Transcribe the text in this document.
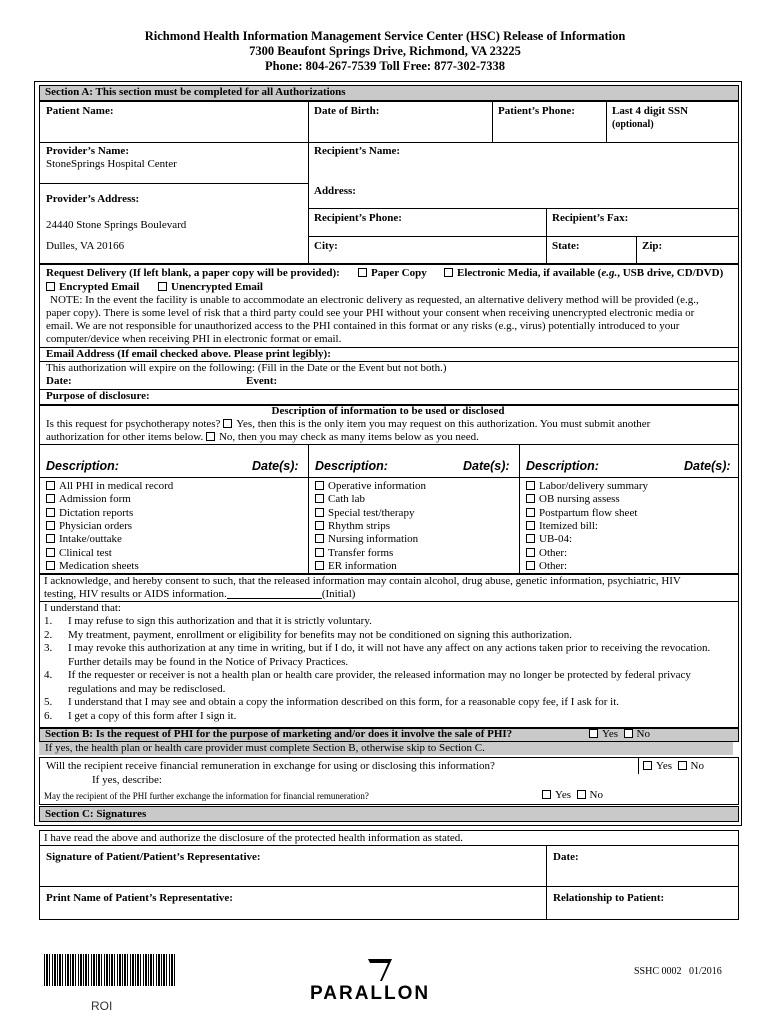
Richmond Health Information Management Service Center (HSC) Release of Information
7300 Beaufont Springs Drive, Richmond, VA 23225
Phone: 804-267-7539 Toll Free: 877-302-7338
Section A: This section must be completed for all Authorizations
Patient Name:	Date of Birth:	Patient’s Phone:	Last 4 digit SSN
(optional)
Provider’s Name:
StoneSprings Hospital Center
Recipient’s Name:
Provider’s Address:
24440 Stone Springs Boulevard
Dulles, VA 20166
Address:
Recipient’s Phone:	Recipient’s Fax:
City:	State:	Zip:
Request Delivery (If left blank, a paper copy will be provided):	Paper Copy	Electronic Media, if available (e.g., USB drive, CD/DVD)
Encrypted Email	Unencrypted Email
NOTE: In the event the facility is unable to accommodate an electronic delivery as requested, an alternative delivery method will be provided (e.g.,
paper copy). There is some level of risk that a third party could see your PHI without your consent when receiving unencrypted electronic media or
email. We are not responsible for unauthorized access to the PHI contained in this format or any risks (e.g., virus) potentially introduced to your
computer/device when receiving PHI in electronic format or email.
Email Address (If email checked above. Please print legibly):
This authorization will expire on the following: (Fill in the Date or the Event but not both.)
Date:	Event:
Purpose of disclosure:
Description of information to be used or disclosed
Is this request for psychotherapy notes? Yes, then this is the only item you may request on this authorization. You must submit another
authorization for other items below. No, then you may check as many items below as you need.
Description:	Date(s): Description:	Date(s): Description:	Date(s):
All PHI in medical record
Admission form
Dictation reports
Physician orders
Intake/outtake
Clinical test
Medication sheets
Operative information
Cath lab
Special test/therapy
Rhythm strips
Nursing information
Transfer forms
ER information
Labor/delivery summary
OB nursing assess
Postpartum flow sheet
Itemized bill:
UB-04:
Other:
Other:
I acknowledge, and hereby consent to such, that the released information may contain alcohol, drug abuse, genetic information, psychiatric, HIV
testing, HIV results or AIDS information.	(Initial)
I understand that:
1. I may refuse to sign this authorization and that it is strictly voluntary.
2. My treatment, payment, enrollment or eligibility for benefits may not be conditioned on signing this authorization.
3. I may revoke this authorization at any time in writing, but if I do, it will not have any affect on any actions taken prior to receiving the revocation.
Further details may be found in the Notice of Privacy Practices.
4. If the requester or receiver is not a health plan or health care provider, the released information may no longer be protected by federal privacy
regulations and may be redisclosed.
5. I understand that I may see and obtain a copy the information described on this form, for a reasonable copy fee, if I ask for it.
6. I get a copy of this form after I sign it.
Section B: Is the request of PHI for the purpose of marketing and/or does it involve the sale of PHI?	Yes No
If yes, the health plan or health care provider must complete Section B, otherwise skip to Section C.
Will the recipient receive financial remuneration in exchange for using or disclosing this information?	Yes No
If yes, describe:
May the recipient of the PHI further exchange the information for financial remuneration?	Yes No
Section C: Signatures
I have read the above and authorize the disclosure of the protected health information as stated.
Signature of Patient/Patient’s Representative:	Date:
Print Name of Patient’s Representative:	Relationship to Patient:
ROI
PARALLON
SSHC 0002 01/2016
